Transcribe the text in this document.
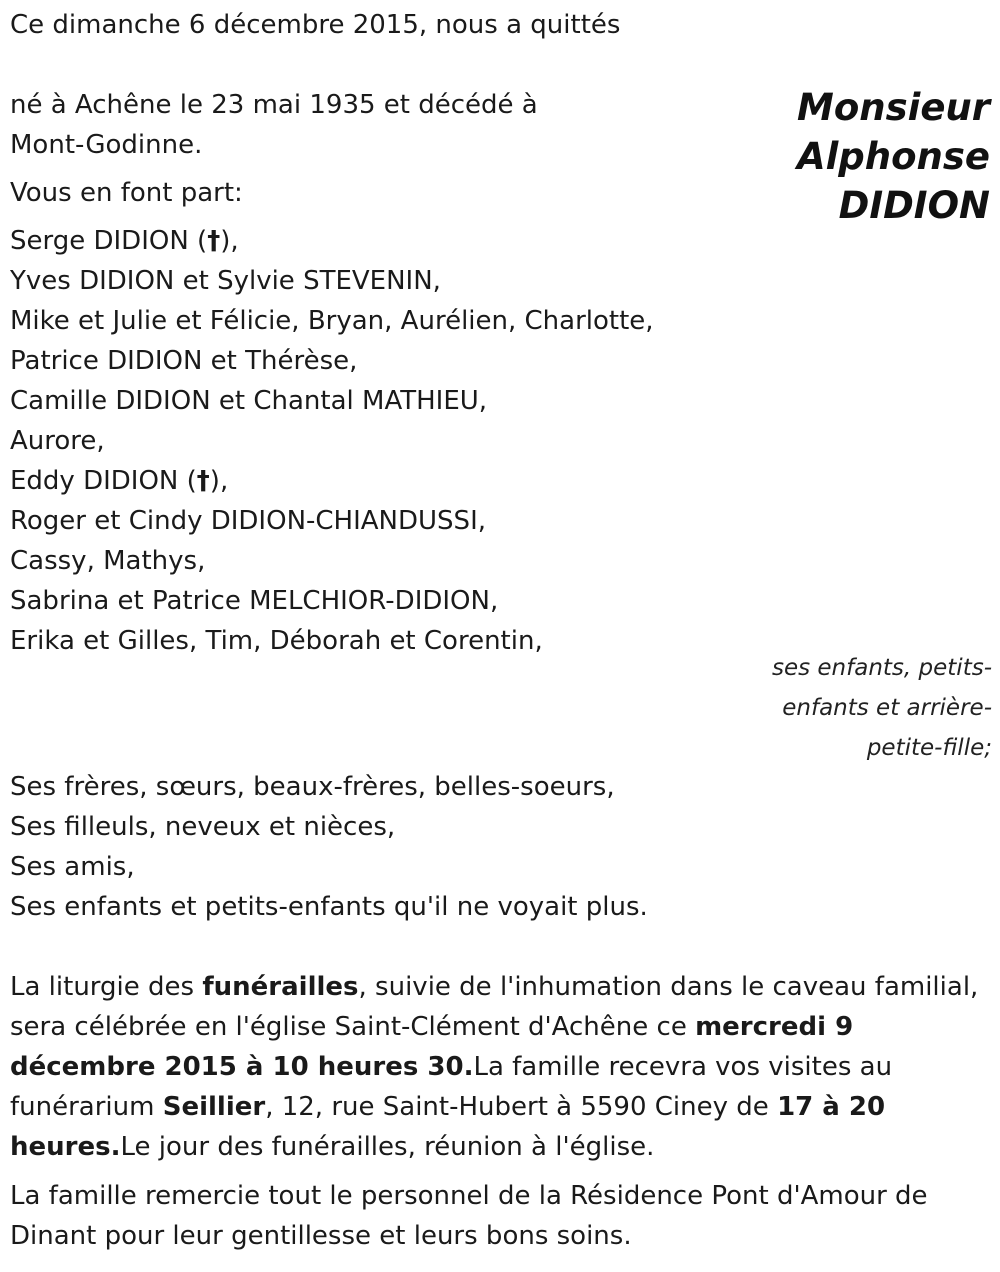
Ce dimanche 6 décembre 2015, nous a quittés
Monsieur
Alphonse
DIDION
né à Achêne le 23 mai 1935 et décédé à
Mont-Godinne.
Vous en font part:
Serge DIDION (†),
Yves DIDION et Sylvie STEVENIN,
Mike et Julie et Félicie, Bryan, Aurélien, Charlotte,
Patrice DIDION et Thérèse,
Camille DIDION et Chantal MATHIEU,
Aurore,
Eddy DIDION (†),
Roger et Cindy DIDION-CHIANDUSSI,
Cassy, Mathys,
Sabrina et Patrice MELCHIOR-DIDION,
Erika et Gilles, Tim, Déborah et Corentin,
ses enfants, petits-
enfants et arrière-
petite-fille;
Ses frères, sœurs, beaux-frères, belles-soeurs,
Ses filleuls, neveux et nièces,
Ses amis,
Ses enfants et petits-enfants qu'il ne voyait plus.
La liturgie des funérailles, suivie de l'inhumation dans le caveau familial, sera célébrée en l'église Saint-Clément d'Achêne ce mercredi 9 décembre 2015 à 10 heures 30.La famille recevra vos visites au funérarium Seillier, 12, rue Saint-Hubert à 5590 Ciney de 17 à 20 heures.Le jour des funérailles, réunion à l'église.
La famille remercie tout le personnel de la Résidence Pont d'Amour de Dinant pour leur gentillesse et leurs bons soins.
